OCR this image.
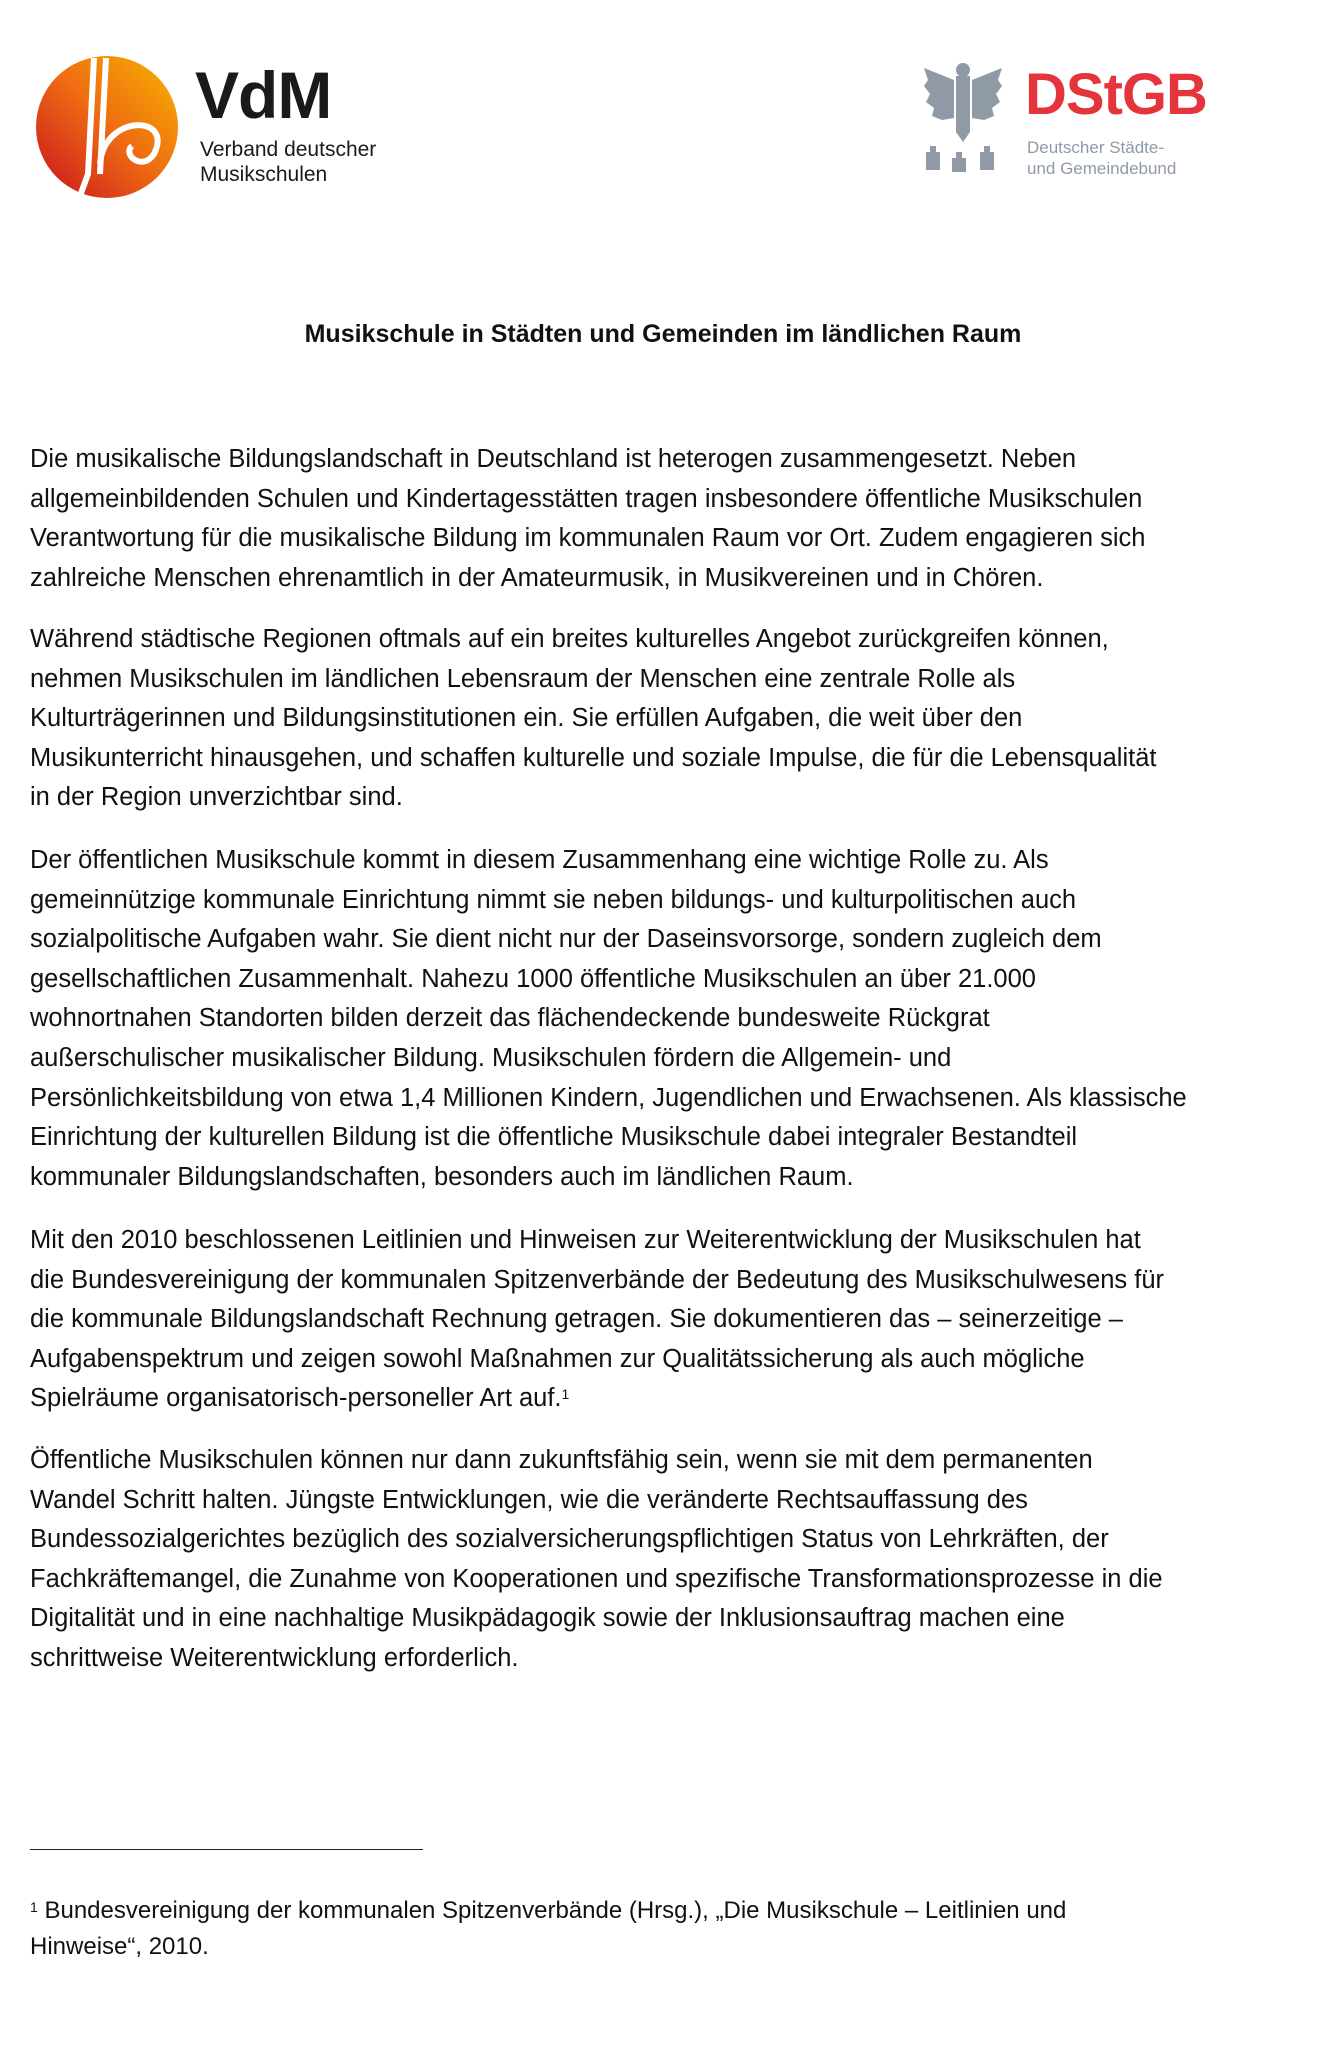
VdM
Verband deutscher
Musikschulen
DStGB
Deutscher Städte-
und Gemeindebund
Musikschule in Städten und Gemeinden im ländlichen Raum
Die musikalische Bildungslandschaft in Deutschland ist heterogen zusammengesetzt. Neben
allgemeinbildenden Schulen und Kindertagesstätten tragen insbesondere öffentliche Musikschulen
Verantwortung für die musikalische Bildung im kommunalen Raum vor Ort. Zudem engagieren sich
zahlreiche Menschen ehrenamtlich in der Amateurmusik, in Musikvereinen und in Chören.
Während städtische Regionen oftmals auf ein breites kulturelles Angebot zurückgreifen können,
nehmen Musikschulen im ländlichen Lebensraum der Menschen eine zentrale Rolle als
Kulturträgerinnen und Bildungsinstitutionen ein. Sie erfüllen Aufgaben, die weit über den
Musikunterricht hinausgehen, und schaffen kulturelle und soziale Impulse, die für die Lebensqualität
in der Region unverzichtbar sind.
Der öffentlichen Musikschule kommt in diesem Zusammenhang eine wichtige Rolle zu. Als
gemeinnützige kommunale Einrichtung nimmt sie neben bildungs- und kulturpolitischen auch
sozialpolitische Aufgaben wahr. Sie dient nicht nur der Daseinsvorsorge, sondern zugleich dem
gesellschaftlichen Zusammenhalt. Nahezu 1000 öffentliche Musikschulen an über 21.000
wohnortnahen Standorten bilden derzeit das flächendeckende bundesweite Rückgrat
außerschulischer musikalischer Bildung. Musikschulen fördern die Allgemein- und
Persönlichkeitsbildung von etwa 1,4 Millionen Kindern, Jugendlichen und Erwachsenen. Als klassische
Einrichtung der kulturellen Bildung ist die öffentliche Musikschule dabei integraler Bestandteil
kommunaler Bildungslandschaften, besonders auch im ländlichen Raum.
Mit den 2010 beschlossenen Leitlinien und Hinweisen zur Weiterentwicklung der Musikschulen hat
die Bundesvereinigung der kommunalen Spitzenverbände der Bedeutung des Musikschulwesens für
die kommunale Bildungslandschaft Rechnung getragen. Sie dokumentieren das – seinerzeitige –
Aufgabenspektrum und zeigen sowohl Maßnahmen zur Qualitätssicherung als auch mögliche
Spielräume organisatorisch-personeller Art auf.$^1$
Öffentliche Musikschulen können nur dann zukunftsfähig sein, wenn sie mit dem permanenten
Wandel Schritt halten. Jüngste Entwicklungen, wie die veränderte Rechtsauffassung des
Bundessozialgerichtes bezüglich des sozialversicherungspflichtigen Status von Lehrkräften, der
Fachkräftemangel, die Zunahme von Kooperationen und spezifische Transformationsprozesse in die
Digitalität und in eine nachhaltige Musikpädagogik sowie der Inklusionsauftrag machen eine
schrittweise Weiterentwicklung erforderlich.
$^1$ Bundesvereinigung der kommunalen Spitzenverbände (Hrsg.), „Die Musikschule – Leitlinien und
Hinweise“, 2010.
